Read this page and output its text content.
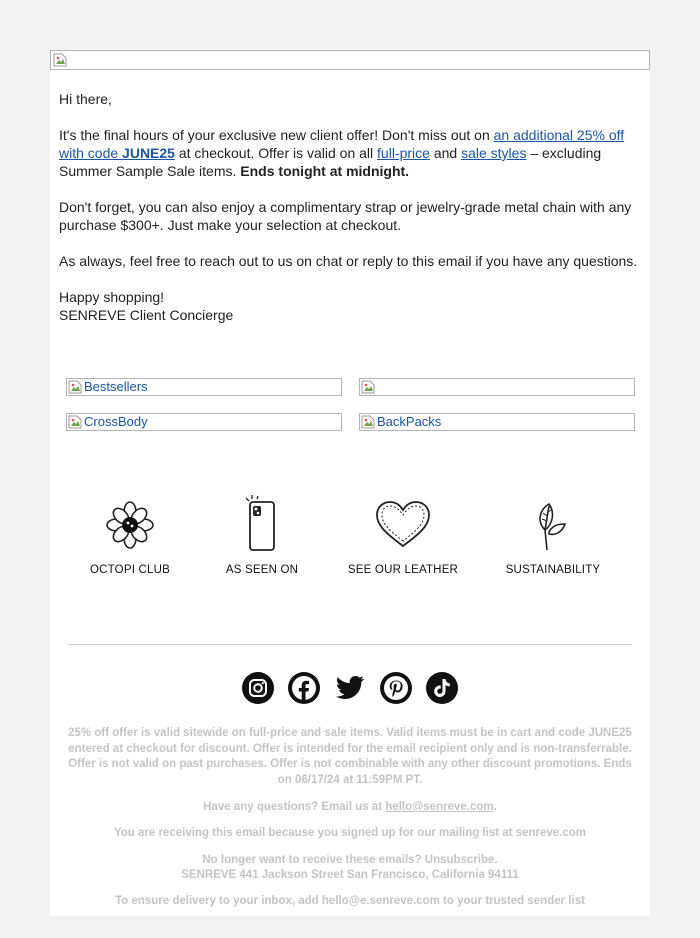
Hi there,

It's the final hours of your exclusive new client offer! Don't miss out on an additional 25% off with code JUNE25 at checkout. Offer is valid on all full-price and sale styles – excluding Summer Sample Sale items. Ends tonight at midnight.

Don't forget, you can also enjoy a complimentary strap or jewelry-grade metal chain with any purchase $300+. Just make your selection at checkout.

As always, feel free to reach out to us on chat or reply to this email if you have any questions.

Happy shopping!
SENREVE Client Concierge

Bestsellers
CrossBody	BackPacks
OCTOPI CLUB	AS SEEN ON	SEE OUR LEATHER	SUSTAINABILITY
25% off offer is valid sitewide on full-price and sale items. Valid items must be in cart and code JUNE25 entered at checkout for discount. Offer is intended for the email recipient only and is non-transferrable. Offer is not valid on past purchases. Offer is not combinable with any other discount promotions. Ends on 06/17/24 at 11:59PM PT.
Have any questions? Email us at hello@senreve.com.
You are receiving this email because you signed up for our mailing list at senreve.com
No longer want to receive these emails? Unsubscribe.
SENREVE 441 Jackson Street San Francisco, California 94111
To ensure delivery to your inbox, add hello@e.senreve.com to your trusted sender list
